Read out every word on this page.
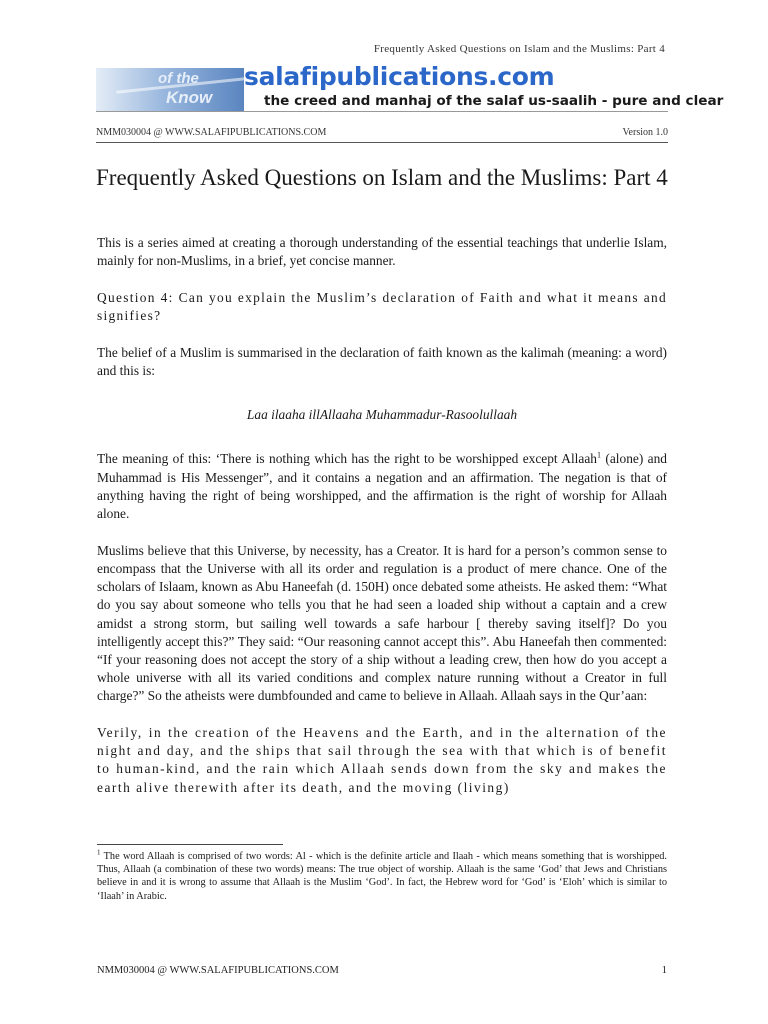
Frequently Asked Questions on Islam and the Muslims: Part 4
of the
Know
salafipublications.com
the creed and manhaj of the salaf us-saalih - pure and clear
NMM030004 @ WWW.SALAFIPUBLICATIONS.COM	Version 1.0
Frequently Asked Questions on Islam and the Muslims: Part 4

This is a series aimed at creating a thorough understanding of the essential teachings that underlie Islam, mainly for non-Muslims, in a brief, yet concise manner.

Question 4: Can you explain the Muslim’s declaration of Faith and what it means and signifies?

The belief of a Muslim is summarised in the declaration of faith known as the kalimah (meaning: a word) and this is:

Laa ilaaha illAllaaha Muhammadur-Rasoolullaah

The meaning of this: ‘There is nothing which has the right to be worshipped except Allaah$^1$ (alone) and Muhammad is His Messenger”, and it contains a negation and an affirmation. The negation is that of anything having the right of being worshipped, and the affirmation is the right of worship for Allaah alone.

Muslims believe that this Universe, by necessity, has a Creator. It is hard for a person’s common sense to encompass that the Universe with all its order and regulation is a product of mere chance. One of the scholars of Islaam, known as Abu Haneefah (d. 150H) once debated some atheists. He asked them: “What do you say about someone who tells you that he had seen a loaded ship without a captain and a crew amidst a strong storm, but sailing well towards a safe harbour [ thereby saving itself]? Do you intelligently accept this?” They said: “Our reasoning cannot accept this”. Abu Haneefah then commented: “If your reasoning does not accept the story of a ship without a leading crew, then how do you accept a whole universe with all its varied conditions and complex nature running without a Creator in full charge?” So the atheists were dumbfounded and came to believe in Allaah. Allaah says in the Qur’aan:

Verily, in the creation of the Heavens and the Earth, and in the alternation of the night and day, and the ships that sail through the sea with that which is of benefit to human-kind, and the rain which Allaah sends down from the sky and makes the earth alive therewith after its death, and the moving (living)

$^1$ The word Allaah is comprised of two words: Al - which is the definite article and Ilaah - which means something that is worshipped. Thus, Allaah (a combination of these two words) means: The true object of worship. Allaah is the same ‘God’ that Jews and Christians believe in and it is wrong to assume that Allaah is the Muslim ‘God’. In fact, the Hebrew word for ‘God’ is ‘Eloh’ which is similar to ‘Ilaah’ in Arabic.
NMM030004 @ WWW.SALAFIPUBLICATIONS.COM	1
